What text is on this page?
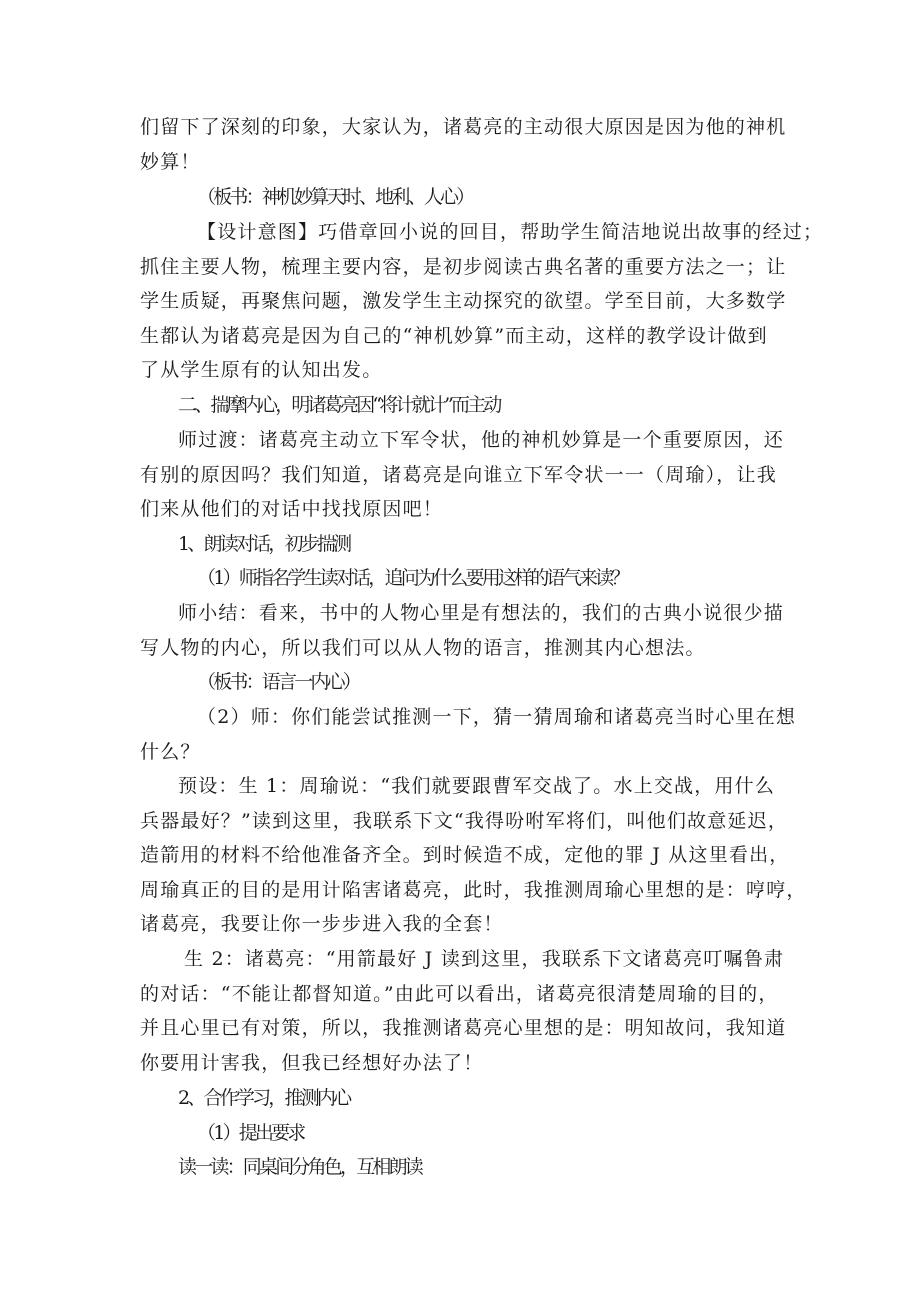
们留下了深刻的印象，大家认为，诸葛亮的主动很大原因是因为他的神机
妙算！
（板书：神机妙算天时、地利、人心）
【设计意图】巧借章回小说的回目，帮助学生简洁地说出故事的经过；
抓住主要人物，梳理主要内容，是初步阅读古典名著的重要方法之一；让
学生质疑，再聚焦问题，激发学生主动探究的欲望。学至目前，大多数学
生都认为诸葛亮是因为自己的“神机妙算”而主动，这样的教学设计做到
了从学生原有的认知出发。
二、揣摩内心，明诸葛亮因“将计就计”而主动
师过渡：诸葛亮主动立下军令状，他的神机妙算是一个重要原因，还
有别的原因吗？我们知道，诸葛亮是向谁立下军令状一一（周瑜），让我
们来从他们的对话中找找原因吧！
1、朗读对话，初步揣测
（1）师指名学生读对话，追问为什么要用这样的语气来读？
师小结：看来，书中的人物心里是有想法的，我们的古典小说很少描
写人物的内心，所以我们可以从人物的语言，推测其内心想法。
（板书：语言一内心）
（2）师：你们能尝试推测一下，猜一猜周瑜和诸葛亮当时心里在想
什么？
预设：生 1：周瑜说：“我们就要跟曹军交战了。水上交战，用什么
兵器最好？”读到这里，我联系下文“我得吩咐军将们，叫他们故意延迟，
造箭用的材料不给他准备齐全。到时候造不成，定他的罪 J 从这里看出，
周瑜真正的目的是用计陷害诸葛亮，此时，我推测周瑜心里想的是：哼哼，
诸葛亮，我要让你一步步进入我的全套！
生 2：诸葛亮：“用箭最好 J 读到这里，我联系下文诸葛亮叮嘱鲁肃
的对话：“不能让都督知道。”由此可以看出，诸葛亮很清楚周瑜的目的，
并且心里已有对策，所以，我推测诸葛亮心里想的是：明知故问，我知道
你要用计害我，但我已经想好办法了！
2、合作学习，推测内心
（1）提出要求
读一读：同桌间分角色，互相朗读
